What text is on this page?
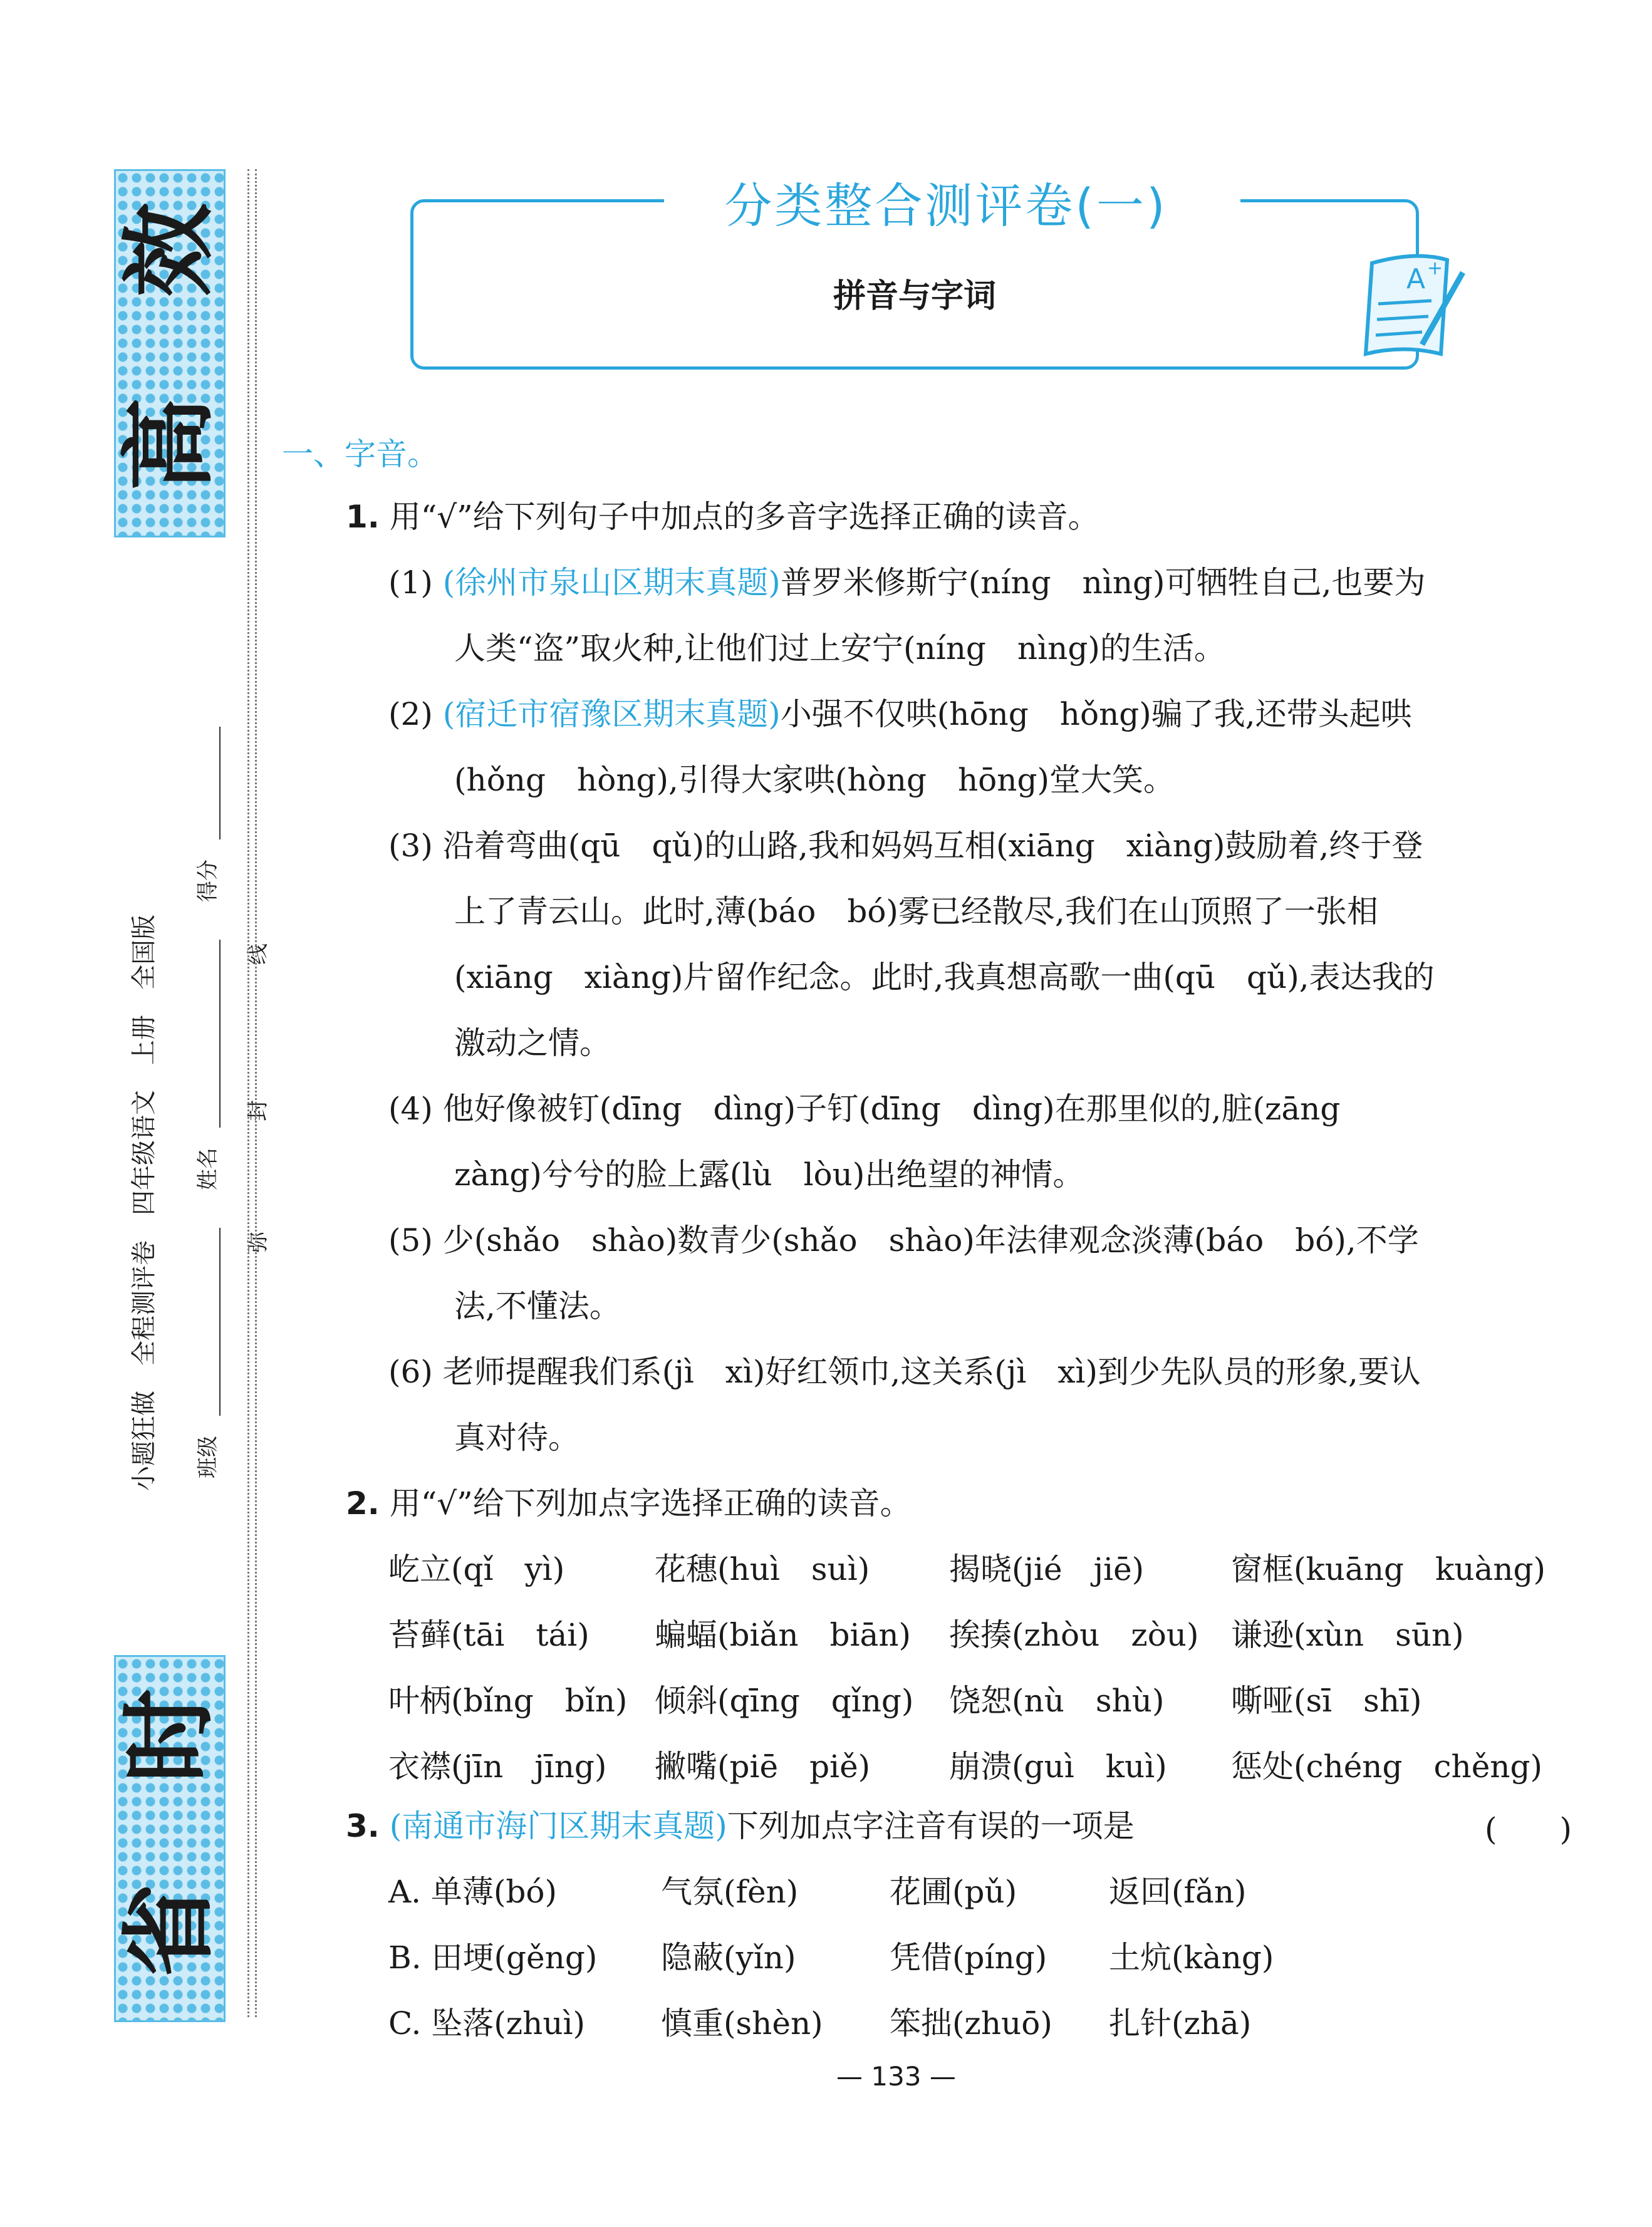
效
高
时
省
小题狂做　全程测评卷　四年级语文　上册　全国版 班级
姓名
得分
弥
封
线
分类整合测评卷(一)
拼音与字词	A +
一、字音。
1. 用“√”给下列句子中加点的多音字选择正确的读音。
(1) (徐州市泉山区期末真题)普罗米修斯宁(níng　nìng)可牺牲自己,也要为
人类“盗”取火种,让他们过上安宁(níng　nìng)的生活。
(2) (宿迁市宿豫区期末真题)小强不仅哄(hōng　hǒng)骗了我,还带头起哄
(hǒng　hòng),引得大家哄(hòng　hōng)堂大笑。
(3) 沿着弯曲(qū　qǔ)的山路,我和妈妈互相(xiāng　xiàng)鼓励着,终于登
上了青云山。此时,薄(báo　bó)雾已经散尽,我们在山顶照了一张相
(xiāng　xiàng)片留作纪念。此时,我真想高歌一曲(qū　qǔ),表达我的
激动之情。
(4) 他好像被钉(dīng　dìng)子钉(dīng　dìng)在那里似的,脏(zāng
zàng)兮兮的脸上露(lù　lòu)出绝望的神情。
(5) 少(shǎo　shào)数青少(shǎo　shào)年法律观念淡薄(báo　bó),不学
法,不懂法。
(6) 老师提醒我们系(jì　xì)好红领巾,这关系(jì　xì)到少先队员的形象,要认
真对待。
2. 用“√”给下列加点字选择正确的读音。
屹立(qǐ　yì)	花穗(huì　suì)	揭晓(jié　jiē)	窗框(kuāng　kuàng)
苔藓(tāi　tái) 蝙蝠(biǎn　biān) 挨揍(zhòu　zòu) 谦逊(xùn　sūn)
叶柄(bǐng　bǐn) 倾斜(qīng　qǐng) 饶恕(nù　shù) 嘶哑(sī　shī)
衣襟(jīn　jīng) 撇嘴(piē　piě)	崩溃(guì　kuì) 惩处(chéng　chěng)
3. (南通市海门区期末真题)下列加点字注音有误的一项是	(　　)
A. 单薄(bó)	气氛(fèn)	花圃(pǔ)	返回(fǎn)
B. 田埂(gěng) 隐蔽(yǐn)	凭借(píng) 土炕(kàng)
C. 坠落(zhuì) 慎重(shèn) 笨拙(zhuō) 扎针(zhā)
— 133 —
